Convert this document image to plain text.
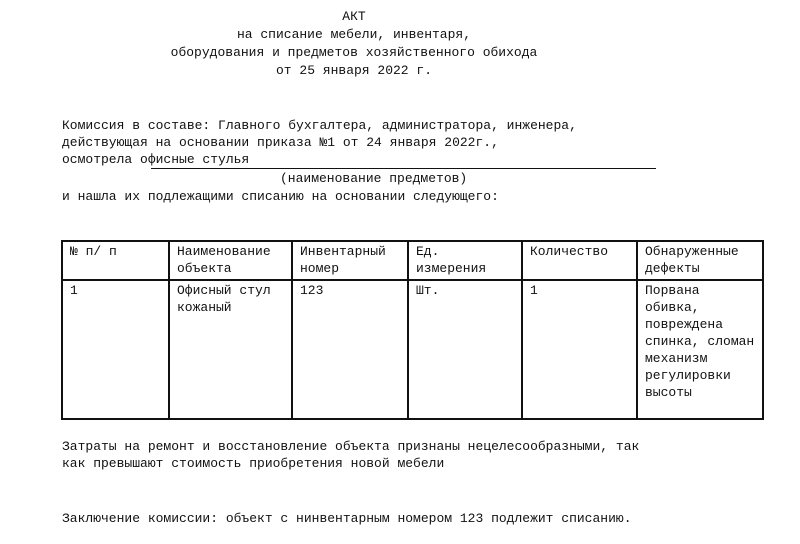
АКТ
на списание мебели, инвентаря,
оборудования и предметов хозяйственного обихода
от 25 января 2022 г.
Комиссия в составе: Главного бухгалтера, администратора, инженера,
действующая на основании приказа №1 от 24 января 2022г.,
осмотрела офисные стулья
(наименование предметов)
и нашла их подлежащими списанию на основании следующего:
№ п/ п	Наименование объекта	Инвентарный номер	Ед. измерения	Количество	Обнаруженные дефекты
1	Офисный стул кожаный	123	Шт.	1	Порвана обивка, повреждена спинка, сломан механизм регулировки высоты
Затраты на ремонт и восстановление объекта признаны нецелесообразными, так
как превышают стоимость приобретения новой мебели
Заключение комиссии: объект с нинвентарным номером 123 подлежит списанию.
